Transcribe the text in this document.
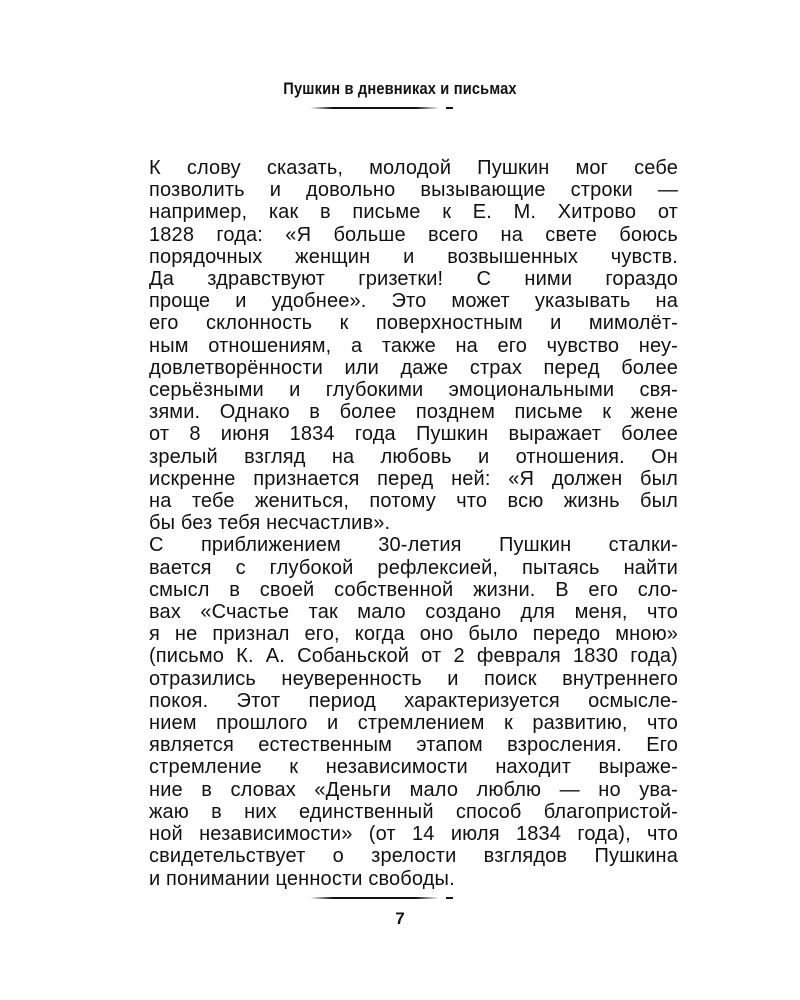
Пушкин в дневниках и письмах
К слову сказать, молодой Пушкин мог себе
позволить и довольно вызывающие строки —
например, как в письме к Е. М. Хитрово от
1828 года: «Я больше всего на свете боюсь
порядочных женщин и возвышенных чувств.
Да здравствуют гризетки! С ними гораздо
проще и удобнее». Это может указывать на
его склонность к поверхностным и мимолёт-
ным отношениям, а также на его чувство неу-
довлетворённости или даже страх перед более
серьёзными и глубокими эмоциональными свя-
зями. Однако в более позднем письме к жене
от 8 июня 1834 года Пушкин выражает более
зрелый взгляд на любовь и отношения. Он
искренне признается перед ней: «Я должен был
на тебе жениться, потому что всю жизнь был
бы без тебя несчастлив».
С приближением 30-летия Пушкин сталки-
вается с глубокой рефлексией, пытаясь найти
смысл в своей собственной жизни. В его сло-
вах «Счастье так мало создано для меня, что
я не признал его, когда оно было передо мною»
(письмо К. А. Собаньской от 2 февраля 1830 года)
отразились неуверенность и поиск внутреннего
покоя. Этот период характеризуется осмысле-
нием прошлого и стремлением к развитию, что
является естественным этапом взросления. Его
стремление к независимости находит выраже-
ние в словах «Деньги мало люблю — но ува-
жаю в них единственный способ благопристой-
ной независимости» (от 14 июля 1834 года), что
свидетельствует о зрелости взглядов Пушкина
и понимании ценности свободы.
7
